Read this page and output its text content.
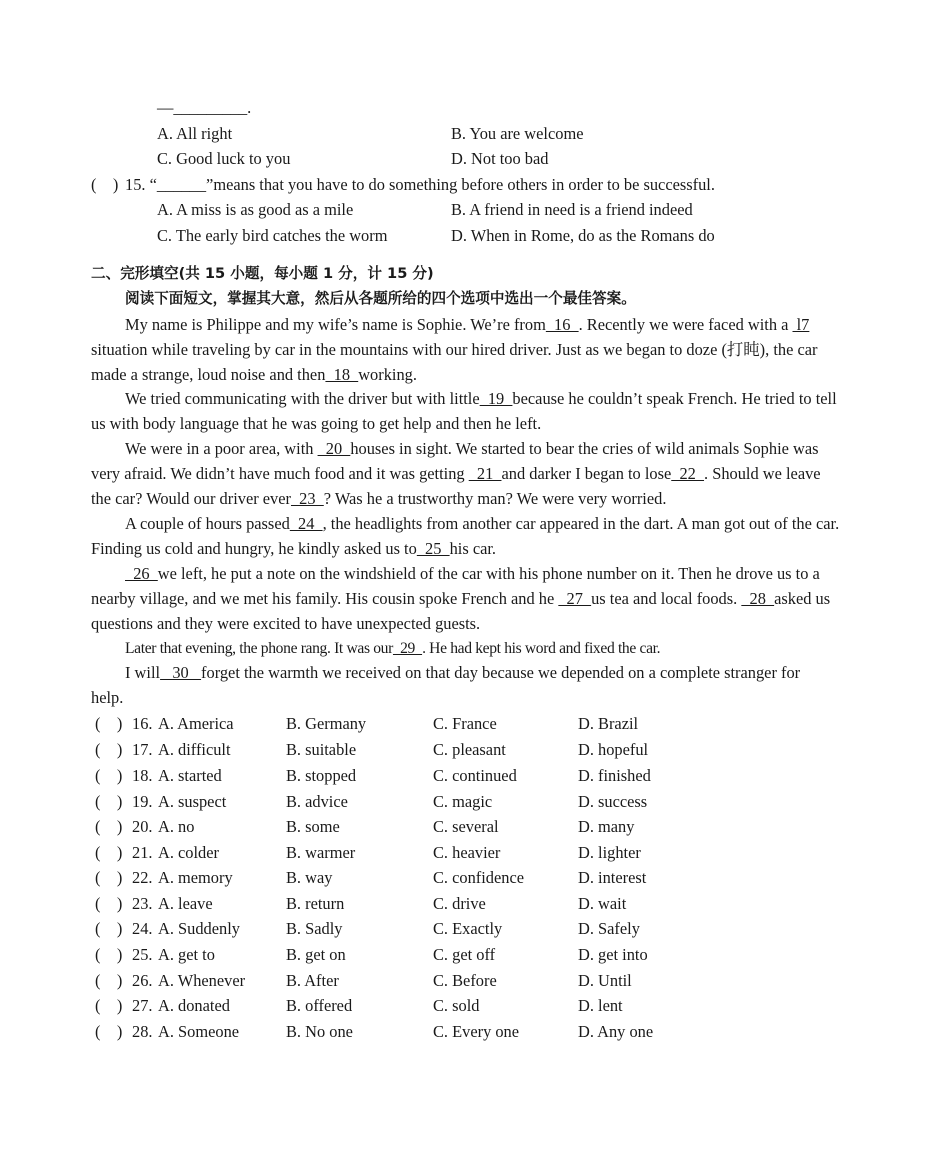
—_________.
A. All right	B. You are welcome
C. Good luck to you	D. Not too bad
(    ) 15. “______”means that you have to do something before others in order to be successful.
A. A miss is as good as a mile	B. A friend in need is a friend indeed
C. The early bird catches the worm	D. When in Rome, do as the Romans do
二、完形填空(共 15 小题，每小题 1 分，计 15 分)
阅读下面短文，掌握其大意，然后从各题所给的四个选项中选出一个最佳答案。
My name is Philippe and my wife’s name is Sophie. We’re from  16  . Recently we were faced with a  l7
situation while traveling by car in the mountains with our hired driver. Just as we began to doze (打盹), the car
made a strange, loud noise and then  18  working.
We tried communicating with the driver but with little  19  because he couldn’t speak French. He tried to tell
us with body language that he was going to get help and then he left.
We were in a poor area, with   20  houses in sight. We started to bear the cries of wild animals Sophie was
very afraid. We didn’t have much food and it was getting   21  and darker I began to lose  22  . Should we leave
the car? Would our driver ever  23  ? Was he a trustworthy man? We were very worried.
A couple of hours passed  24  , the headlights from another car appeared in the dart. A man got out of the car.
Finding us cold and hungry, he kindly asked us to  25  his car.
26  we left, he put a note on the windshield of the car with his phone number on it. Then he drove us to a
nearby village, and we met his family. His cousin spoke French and he   27  us tea and local foods.   28  asked us
questions and they were excited to have unexpected guests.
Later that evening, the phone rang. It was our  29  . He had kept his word and fixed the car.
I will   30   forget the warmth we received on that day because we depended on a complete stranger for
help.
(    ) 16. A. America	B. Germany	C. France	D. Brazil
(    ) 17. A. difficult	B. suitable	C. pleasant	D. hopeful
(    ) 18. A. started	B. stopped	C. continued	D. finished
(    ) 19. A. suspect	B. advice	C. magic	D. success
(    ) 20. A. no	B. some	C. several	D. many
(    ) 21. A. colder	B. warmer	C. heavier	D. lighter
(    ) 22. A. memory	B. way	C. confidence	D. interest
(    ) 23. A. leave	B. return	C. drive	D. wait
(    ) 24. A. Suddenly	B. Sadly	C. Exactly	D. Safely
(    ) 25. A. get to	B. get on	C. get off	D. get into
(    ) 26. A. Whenever B. After	C. Before	D. Until
(    ) 27. A. donated	B. offered	C. sold	D. lent
(    ) 28. A. Someone	B. No one	C. Every one	D. Any one
